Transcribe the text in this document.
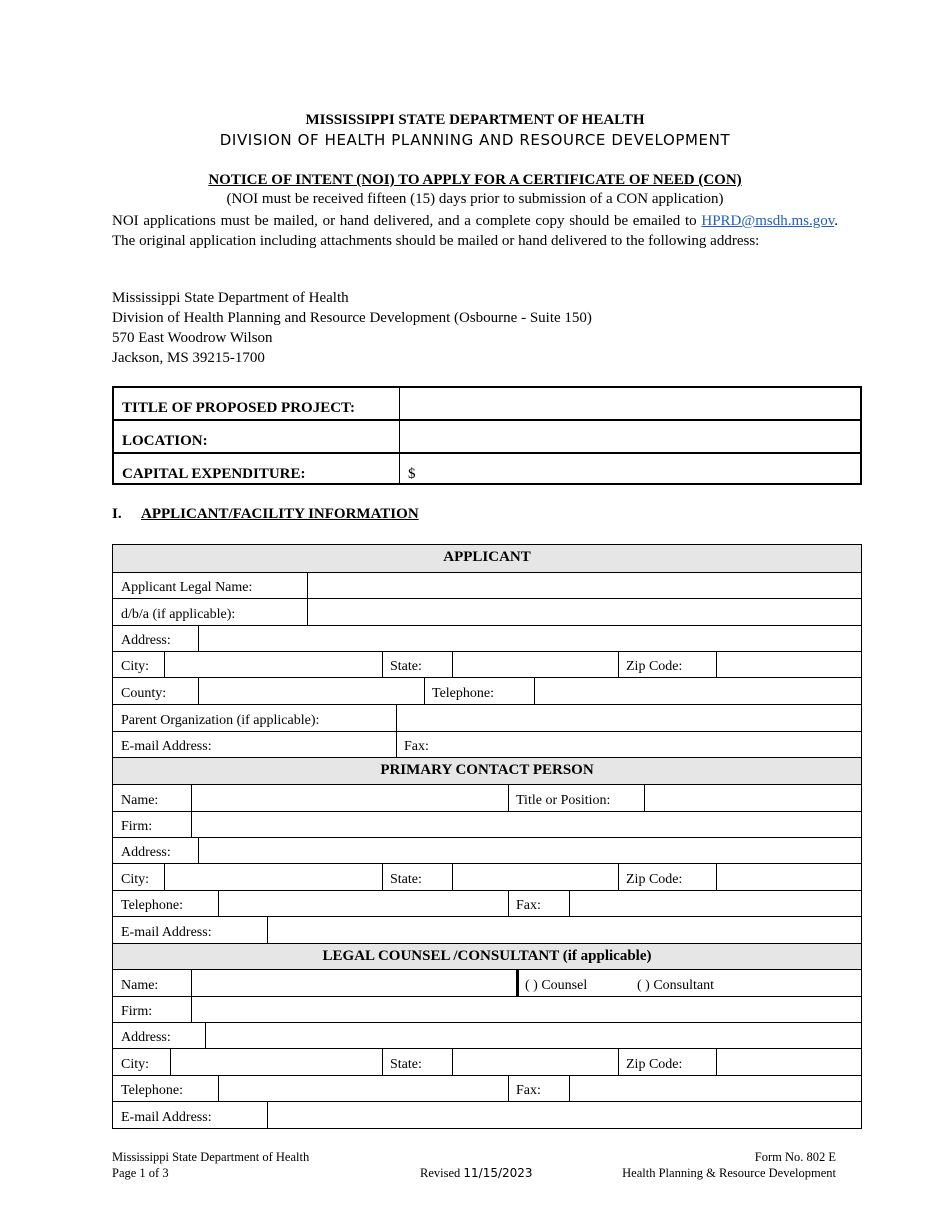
MISSISSIPPI STATE DEPARTMENT OF HEALTH
DIVISION OF HEALTH PLANNING AND RESOURCE DEVELOPMENT
NOTICE OF INTENT (NOI) TO APPLY FOR A CERTIFICATE OF NEED (CON)
(NOI must be received fifteen (15) days prior to submission of a CON application)
NOI applications must be mailed, or hand delivered, and a complete copy should be emailed to HPRD@msdh.ms.gov. The original application including attachments should be mailed or hand delivered to the following address:
Mississippi State Department of Health
Division of Health Planning and Resource Development (Osbourne - Suite 150)
570 East Woodrow Wilson
Jackson, MS 39215-1700
TITLE OF PROPOSED PROJECT:
LOCATION:
CAPITAL EXPENDITURE:	$
I. APPLICANT/FACILITY INFORMATION
APPLICANT
Applicant Legal Name:
d/b/a (if applicable):
Address:
City:	State:	Zip Code:
County:	Telephone:
Parent Organization (if applicable):
E-mail Address:	Fax:
PRIMARY CONTACT PERSON
Name:	Title or Position:
Firm:
Address:
City:	State:	Zip Code:
Telephone:	Fax:
E-mail Address:
LEGAL COUNSEL /CONSULTANT (if applicable)
Name:	( ) Counsel	( ) Consultant
Firm:
Address:
City:	State:	Zip Code:
Telephone:	Fax:
E-mail Address:
Mississippi State Department of Health
Page 1 of 3	Revised 11/15/2023
Form No. 802 E
Health Planning & Resource Development
